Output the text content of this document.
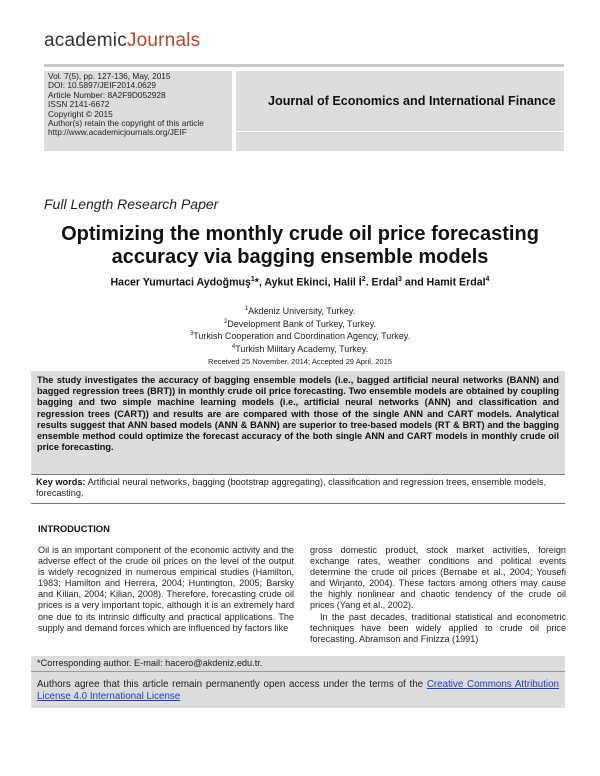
academicJournals
Vol. 7(5), pp. 127-136, May, 2015
DOI: 10.5897/JEIF2014.0629
Article Number: 8A2F9D052928
ISSN 2141-6672
Copyright © 2015
Author(s) retain the copyright of this article
http://www.academicjournals.org/JEIF
Journal of Economics and International Finance
Full Length Research Paper
Optimizing the monthly crude oil price forecasting
accuracy via bagging ensemble models
Hacer Yumurtaci Aydoğmuş$^1$*, Aykut Ekinci, Halil $İ^2$. Erdal$^3$ and Hamit Erdal$^4$
$^1$Akdeniz University, Turkey.
$^2$Development Bank of Turkey, Turkey.
$^3$Turkish Cooperation and Coordination Agency, Turkey.
$^4$Turkish Military Academy, Turkey.
Received 25 November, 2014; Accepted 29 April, 2015
The study investigates the accuracy of bagging ensemble models (i.e., bagged artificial neural networks (BANN) and bagged regression trees (BRT)) in monthly crude oil price forecasting. Two ensemble models are obtained by coupling bagging and two simple machine learning models (i.e., artificial neural networks (ANN) and classification and regression trees (CART)) and results are are compared with those of the single ANN and CART models. Analytical results suggest that ANN based models (ANN & BANN) are superior to tree-based models (RT & BRT) and the bagging ensemble method could optimize the forecast accuracy of the both single ANN and CART models in monthly crude oil price forecasting.
Key words: Artificial neural networks, bagging (bootstrap aggregating), classification and regression trees, ensemble models, forecasting.
INTRODUCTION
Oil is an important component of the economic activity and the adverse effect of the crude oil prices on the level of the output is widely recognized in numerous empirical studies (Hamilton, 1983; Hamilton and Herrera, 2004; Huntington, 2005; Barsky and Kilian, 2004; Kilian, 2008). Therefore, forecasting crude oil prices is a very important topic, although it is an extremely hard one due to its intrinsic difficulty and practical applications. The supply and demand forces which are influenced by factors like
gross domestic product, stock market activities, foreign exchange rates, weather conditions and political events determine the crude oil prices (Bernabe et al., 2004; Yousefi and Wirjanto, 2004). These factors among others may cause the highly nonlinear and chaotic tendency of the crude oil prices (Yang et al., 2002).
In the past decades, traditional statistical and econometric techniques have been widely applied to crude oil price forecasting. Abramson and Finizza (1991)
*Corresponding author. E-mail: hacero@akdeniz.edu.tr.
Authors agree that this article remain permanently open access under the terms of the Creative Commons Attribution License 4.0 International License
